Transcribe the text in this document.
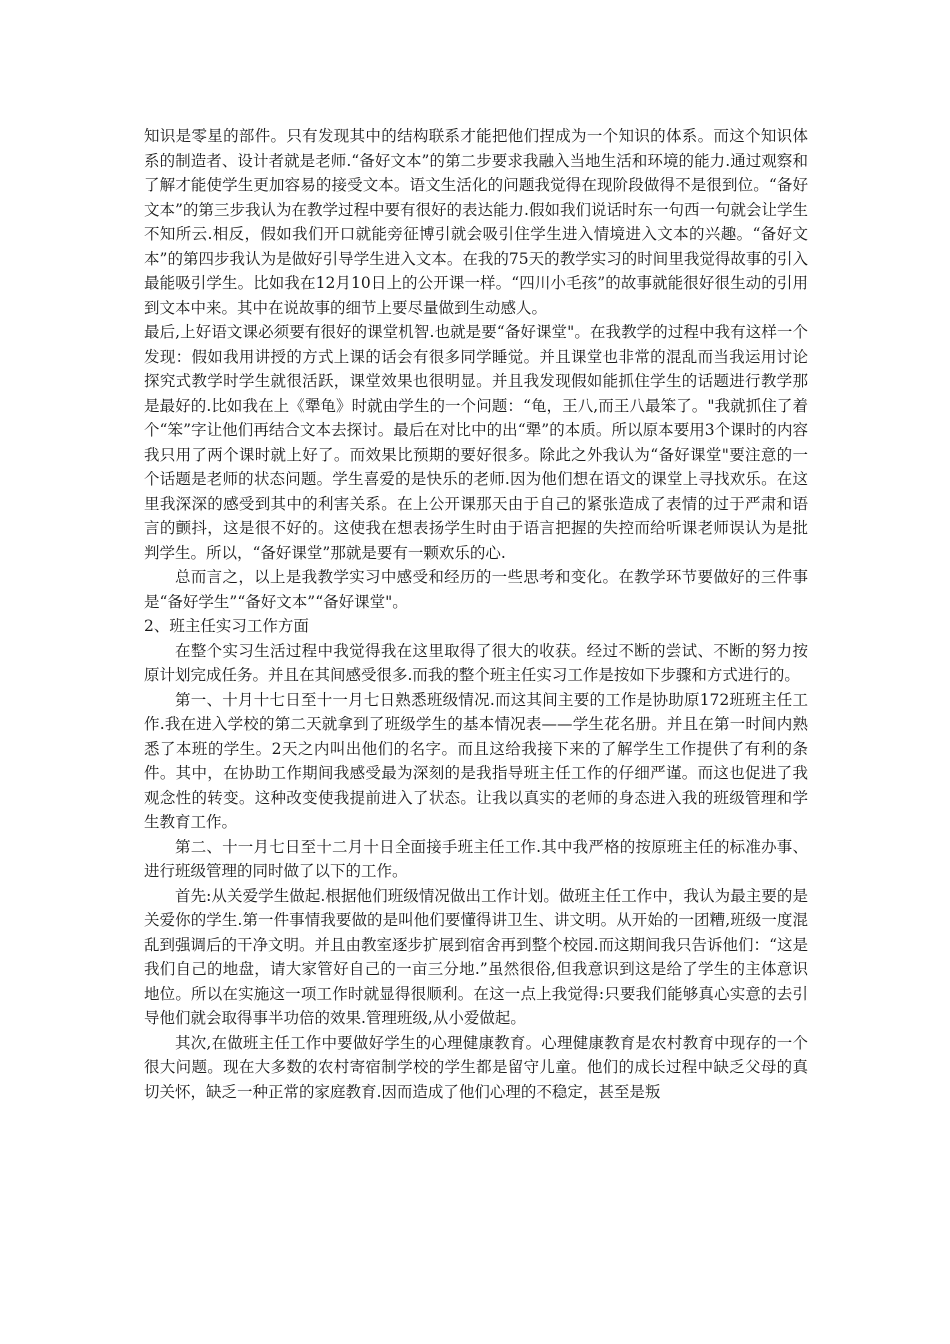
知识是零星的部件。只有发现其中的结构联系才能把他们捏成为一个知识的体系。而这个知识体系的制造者、设计者就是老师.“备好文本”的第二步要求我融入当地生活和环境的能力.通过观察和了解才能使学生更加容易的接受文本。语文生活化的问题我觉得在现阶段做得不是很到位。“备好文本”的第三步我认为在教学过程中要有很好的表达能力.假如我们说话时东一句西一句就会让学生不知所云.相反，假如我们开口就能旁征博引就会吸引住学生进入情境进入文本的兴趣。“备好文本”的第四步我认为是做好引导学生进入文本。在我的75天的教学实习的时间里我觉得故事的引入最能吸引学生。比如我在12月10日上的公开课一样。“四川小毛孩”的故事就能很好很生动的引用到文本中来。其中在说故事的细节上要尽量做到生动感人。

最后,上好语文课必须要有很好的课堂机智.也就是要“备好课堂"。在我教学的过程中我有这样一个发现：假如我用讲授的方式上课的话会有很多同学睡觉。并且课堂也非常的混乱而当我运用讨论探究式教学时学生就很活跃，课堂效果也很明显。并且我发现假如能抓住学生的话题进行教学那是最好的.比如我在上《犟龟》时就由学生的一个问题：“龟，王八,而王八最笨了。"我就抓住了着个“笨”字让他们再结合文本去探讨。最后在对比中的出“犟”的本质。所以原本要用3个课时的内容我只用了两个课时就上好了。而效果比预期的要好很多。除此之外我认为“备好课堂"要注意的一个话题是老师的状态问题。学生喜爱的是快乐的老师.因为他们想在语文的课堂上寻找欢乐。在这里我深深的感受到其中的利害关系。在上公开课那天由于自己的紧张造成了表情的过于严肃和语言的颤抖，这是很不好的。这使我在想表扬学生时由于语言把握的失控而给听课老师误认为是批判学生。所以，“备好课堂”那就是要有一颗欢乐的心.

总而言之，以上是我教学实习中感受和经历的一些思考和变化。在教学环节要做好的三件事是“备好学生”“备好文本”“备好课堂"。

2、班主任实习工作方面

在整个实习生活过程中我觉得我在这里取得了很大的收获。经过不断的尝试、不断的努力按原计划完成任务。并且在其间感受很多.而我的整个班主任实习工作是按如下步骤和方式进行的。

第一、十月十七日至十一月七日熟悉班级情况.而这其间主要的工作是协助原172班班主任工作.我在进入学校的第二天就拿到了班级学生的基本情况表——学生花名册。并且在第一时间内熟悉了本班的学生。2天之内叫出他们的名字。而且这给我接下来的了解学生工作提供了有利的条件。其中，在协助工作期间我感受最为深刻的是我指导班主任工作的仔细严谨。而这也促进了我观念性的转变。这种改变使我提前进入了状态。让我以真实的老师的身态进入我的班级管理和学生教育工作。

第二、十一月七日至十二月十日全面接手班主任工作.其中我严格的按原班主任的标准办事、进行班级管理的同时做了以下的工作。

首先:从关爱学生做起.根据他们班级情况做出工作计划。做班主任工作中，我认为最主要的是关爱你的学生.第一件事情我要做的是叫他们要懂得讲卫生、讲文明。从开始的一团糟,班级一度混乱到强调后的干净文明。并且由教室逐步扩展到宿舍再到整个校园.而这期间我只告诉他们：“这是我们自己的地盘，请大家管好自己的一亩三分地.”虽然很俗,但我意识到这是给了学生的主体意识地位。所以在实施这一项工作时就显得很顺利。在这一点上我觉得:只要我们能够真心实意的去引导他们就会取得事半功倍的效果.管理班级,从小爱做起。

其次,在做班主任工作中要做好学生的心理健康教育。心理健康教育是农村教育中现存的一个很大问题。现在大多数的农村寄宿制学校的学生都是留守儿童。他们的成长过程中缺乏父母的真切关怀，缺乏一种正常的家庭教育.因而造成了他们心理的不稳定，甚至是叛
